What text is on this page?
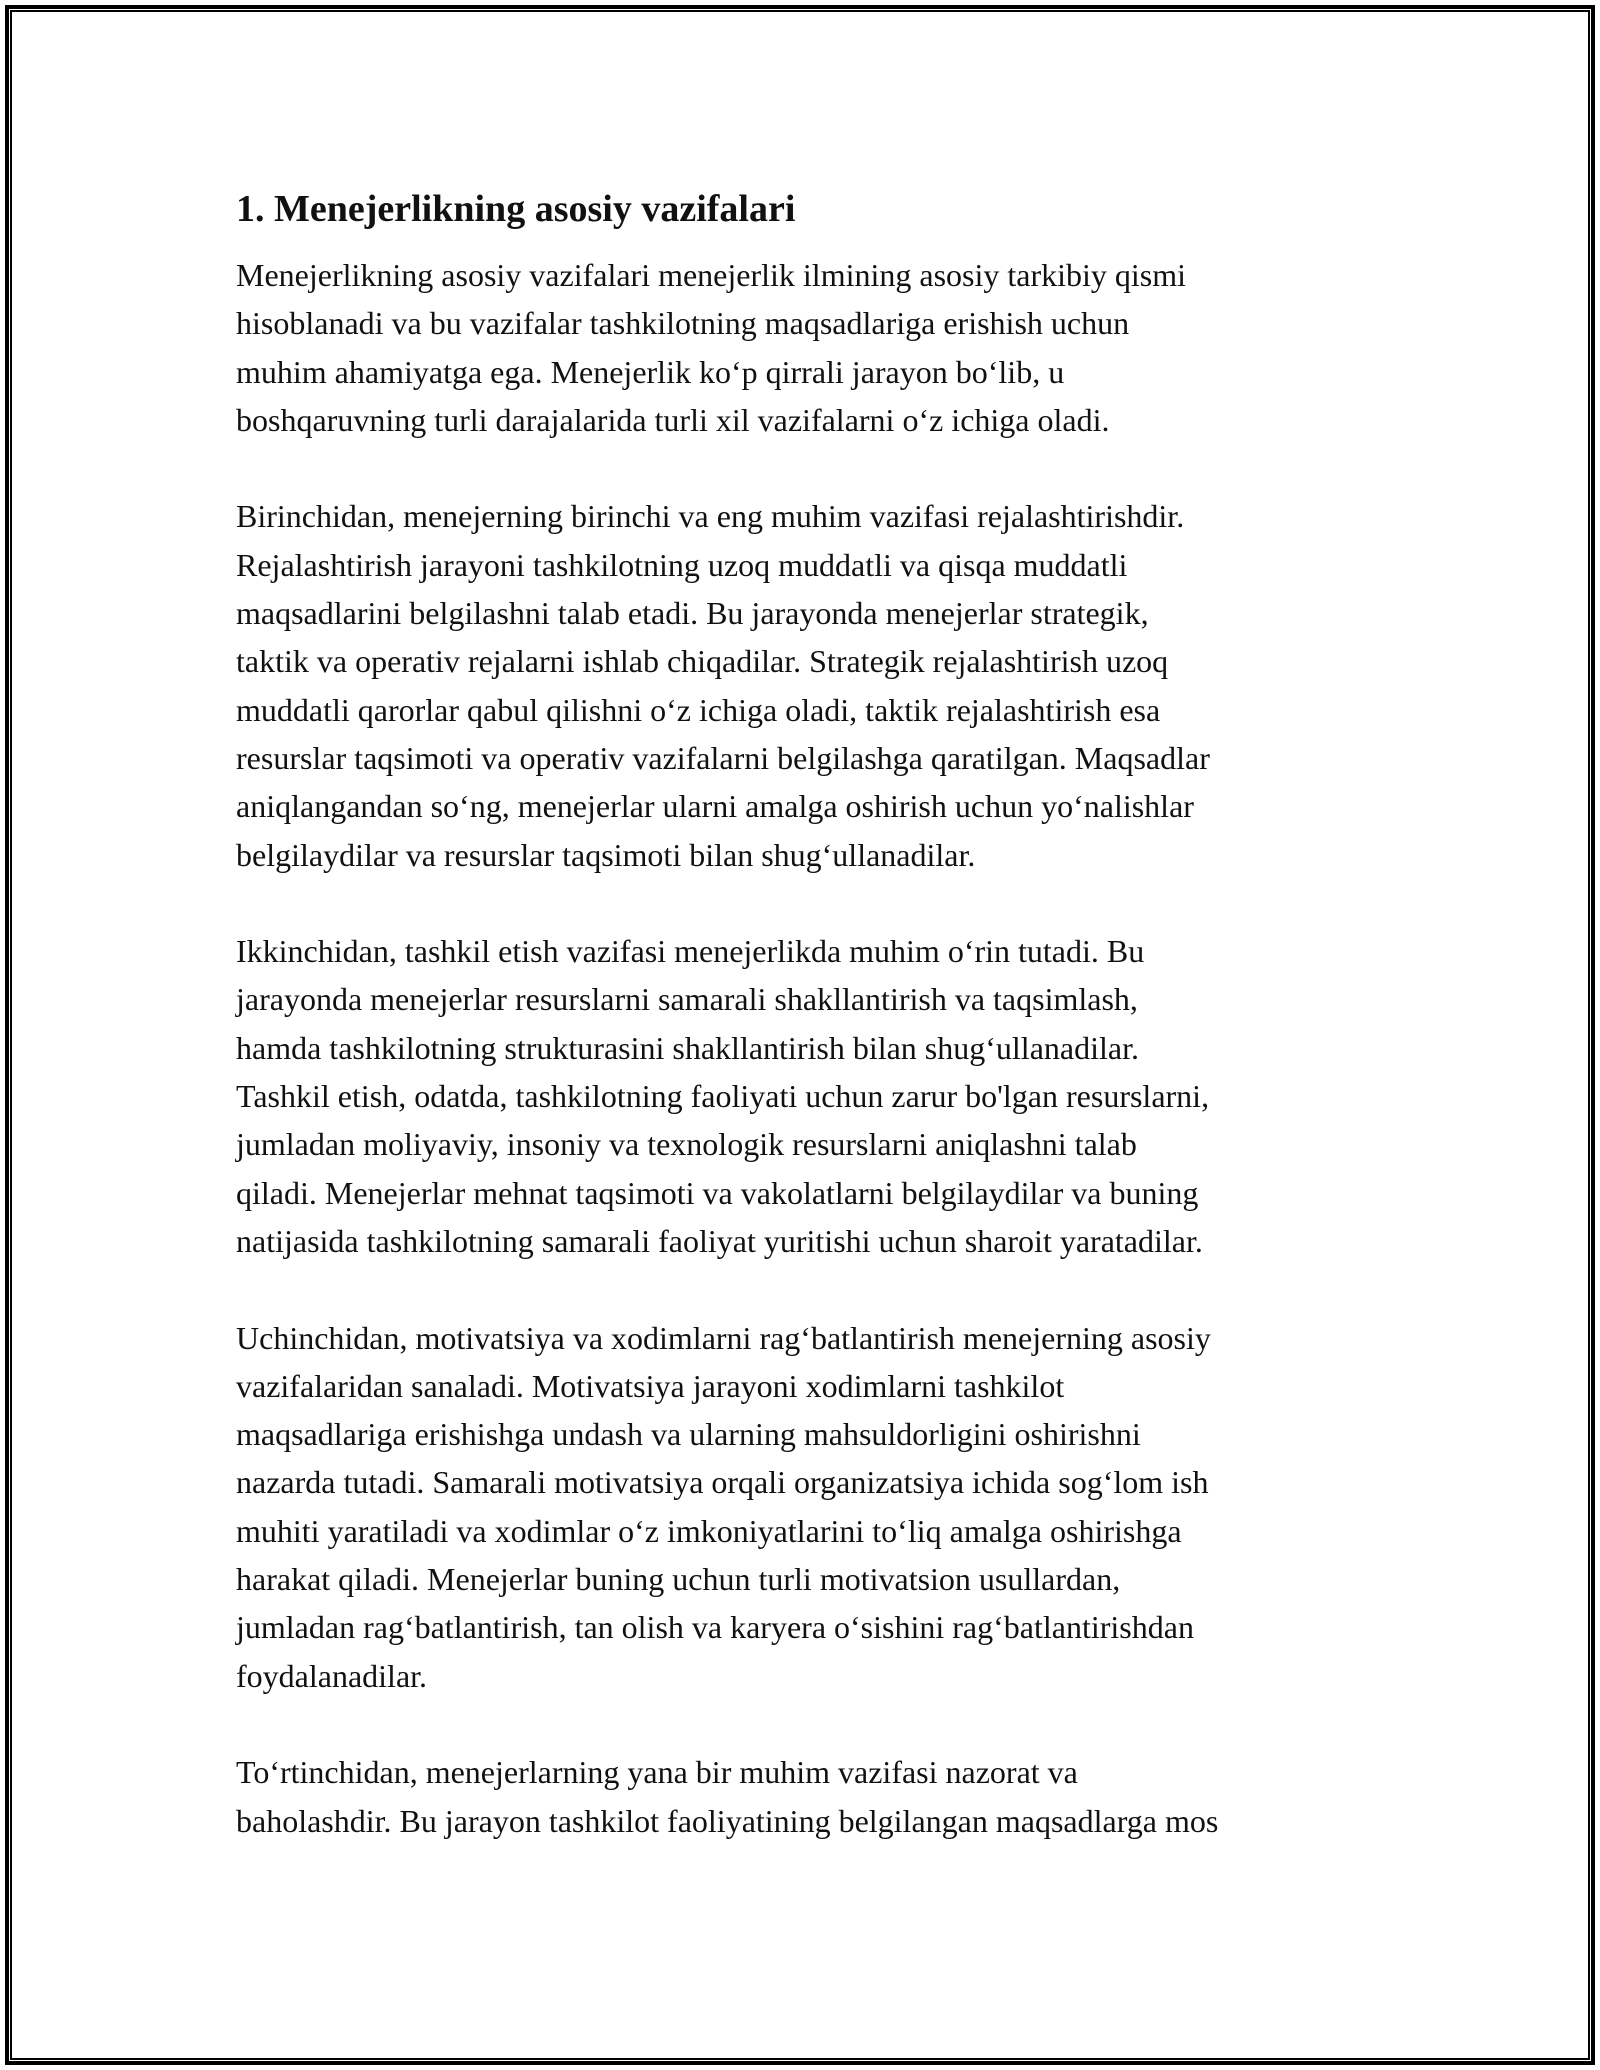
1. Menejerlikning asosiy vazifalari

Menejerlikning asosiy vazifalari menejerlik ilmining asosiy tarkibiy qismi
hisoblanadi va bu vazifalar tashkilotning maqsadlariga erishish uchun
muhim ahamiyatga ega. Menejerlik ko‘p qirrali jarayon bo‘lib, u
boshqaruvning turli darajalarida turli xil vazifalarni o‘z ichiga oladi.

Birinchidan, menejerning birinchi va eng muhim vazifasi rejalashtirishdir.
Rejalashtirish jarayoni tashkilotning uzoq muddatli va qisqa muddatli
maqsadlarini belgilashni talab etadi. Bu jarayonda menejerlar strategik,
taktik va operativ rejalarni ishlab chiqadilar. Strategik rejalashtirish uzoq
muddatli qarorlar qabul qilishni o‘z ichiga oladi, taktik rejalashtirish esa
resurslar taqsimoti va operativ vazifalarni belgilashga qaratilgan. Maqsadlar
aniqlangandan so‘ng, menejerlar ularni amalga oshirish uchun yo‘nalishlar
belgilaydilar va resurslar taqsimoti bilan shug‘ullanadilar.

Ikkinchidan, tashkil etish vazifasi menejerlikda muhim o‘rin tutadi. Bu
jarayonda menejerlar resurslarni samarali shakllantirish va taqsimlash,
hamda tashkilotning strukturasini shakllantirish bilan shug‘ullanadilar.
Tashkil etish, odatda, tashkilotning faoliyati uchun zarur bo'lgan resurslarni,
jumladan moliyaviy, insoniy va texnologik resurslarni aniqlashni talab
qiladi. Menejerlar mehnat taqsimoti va vakolatlarni belgilaydilar va buning
natijasida tashkilotning samarali faoliyat yuritishi uchun sharoit yaratadilar.

Uchinchidan, motivatsiya va xodimlarni rag‘batlantirish menejerning asosiy
vazifalaridan sanaladi. Motivatsiya jarayoni xodimlarni tashkilot
maqsadlariga erishishga undash va ularning mahsuldorligini oshirishni
nazarda tutadi. Samarali motivatsiya orqali organizatsiya ichida sog‘lom ish
muhiti yaratiladi va xodimlar o‘z imkoniyatlarini to‘liq amalga oshirishga
harakat qiladi. Menejerlar buning uchun turli motivatsion usullardan,
jumladan rag‘batlantirish, tan olish va karyera o‘sishini rag‘batlantirishdan
foydalanadilar.

To‘rtinchidan, menejerlarning yana bir muhim vazifasi nazorat va
baholashdir. Bu jarayon tashkilot faoliyatining belgilangan maqsadlarga mos
